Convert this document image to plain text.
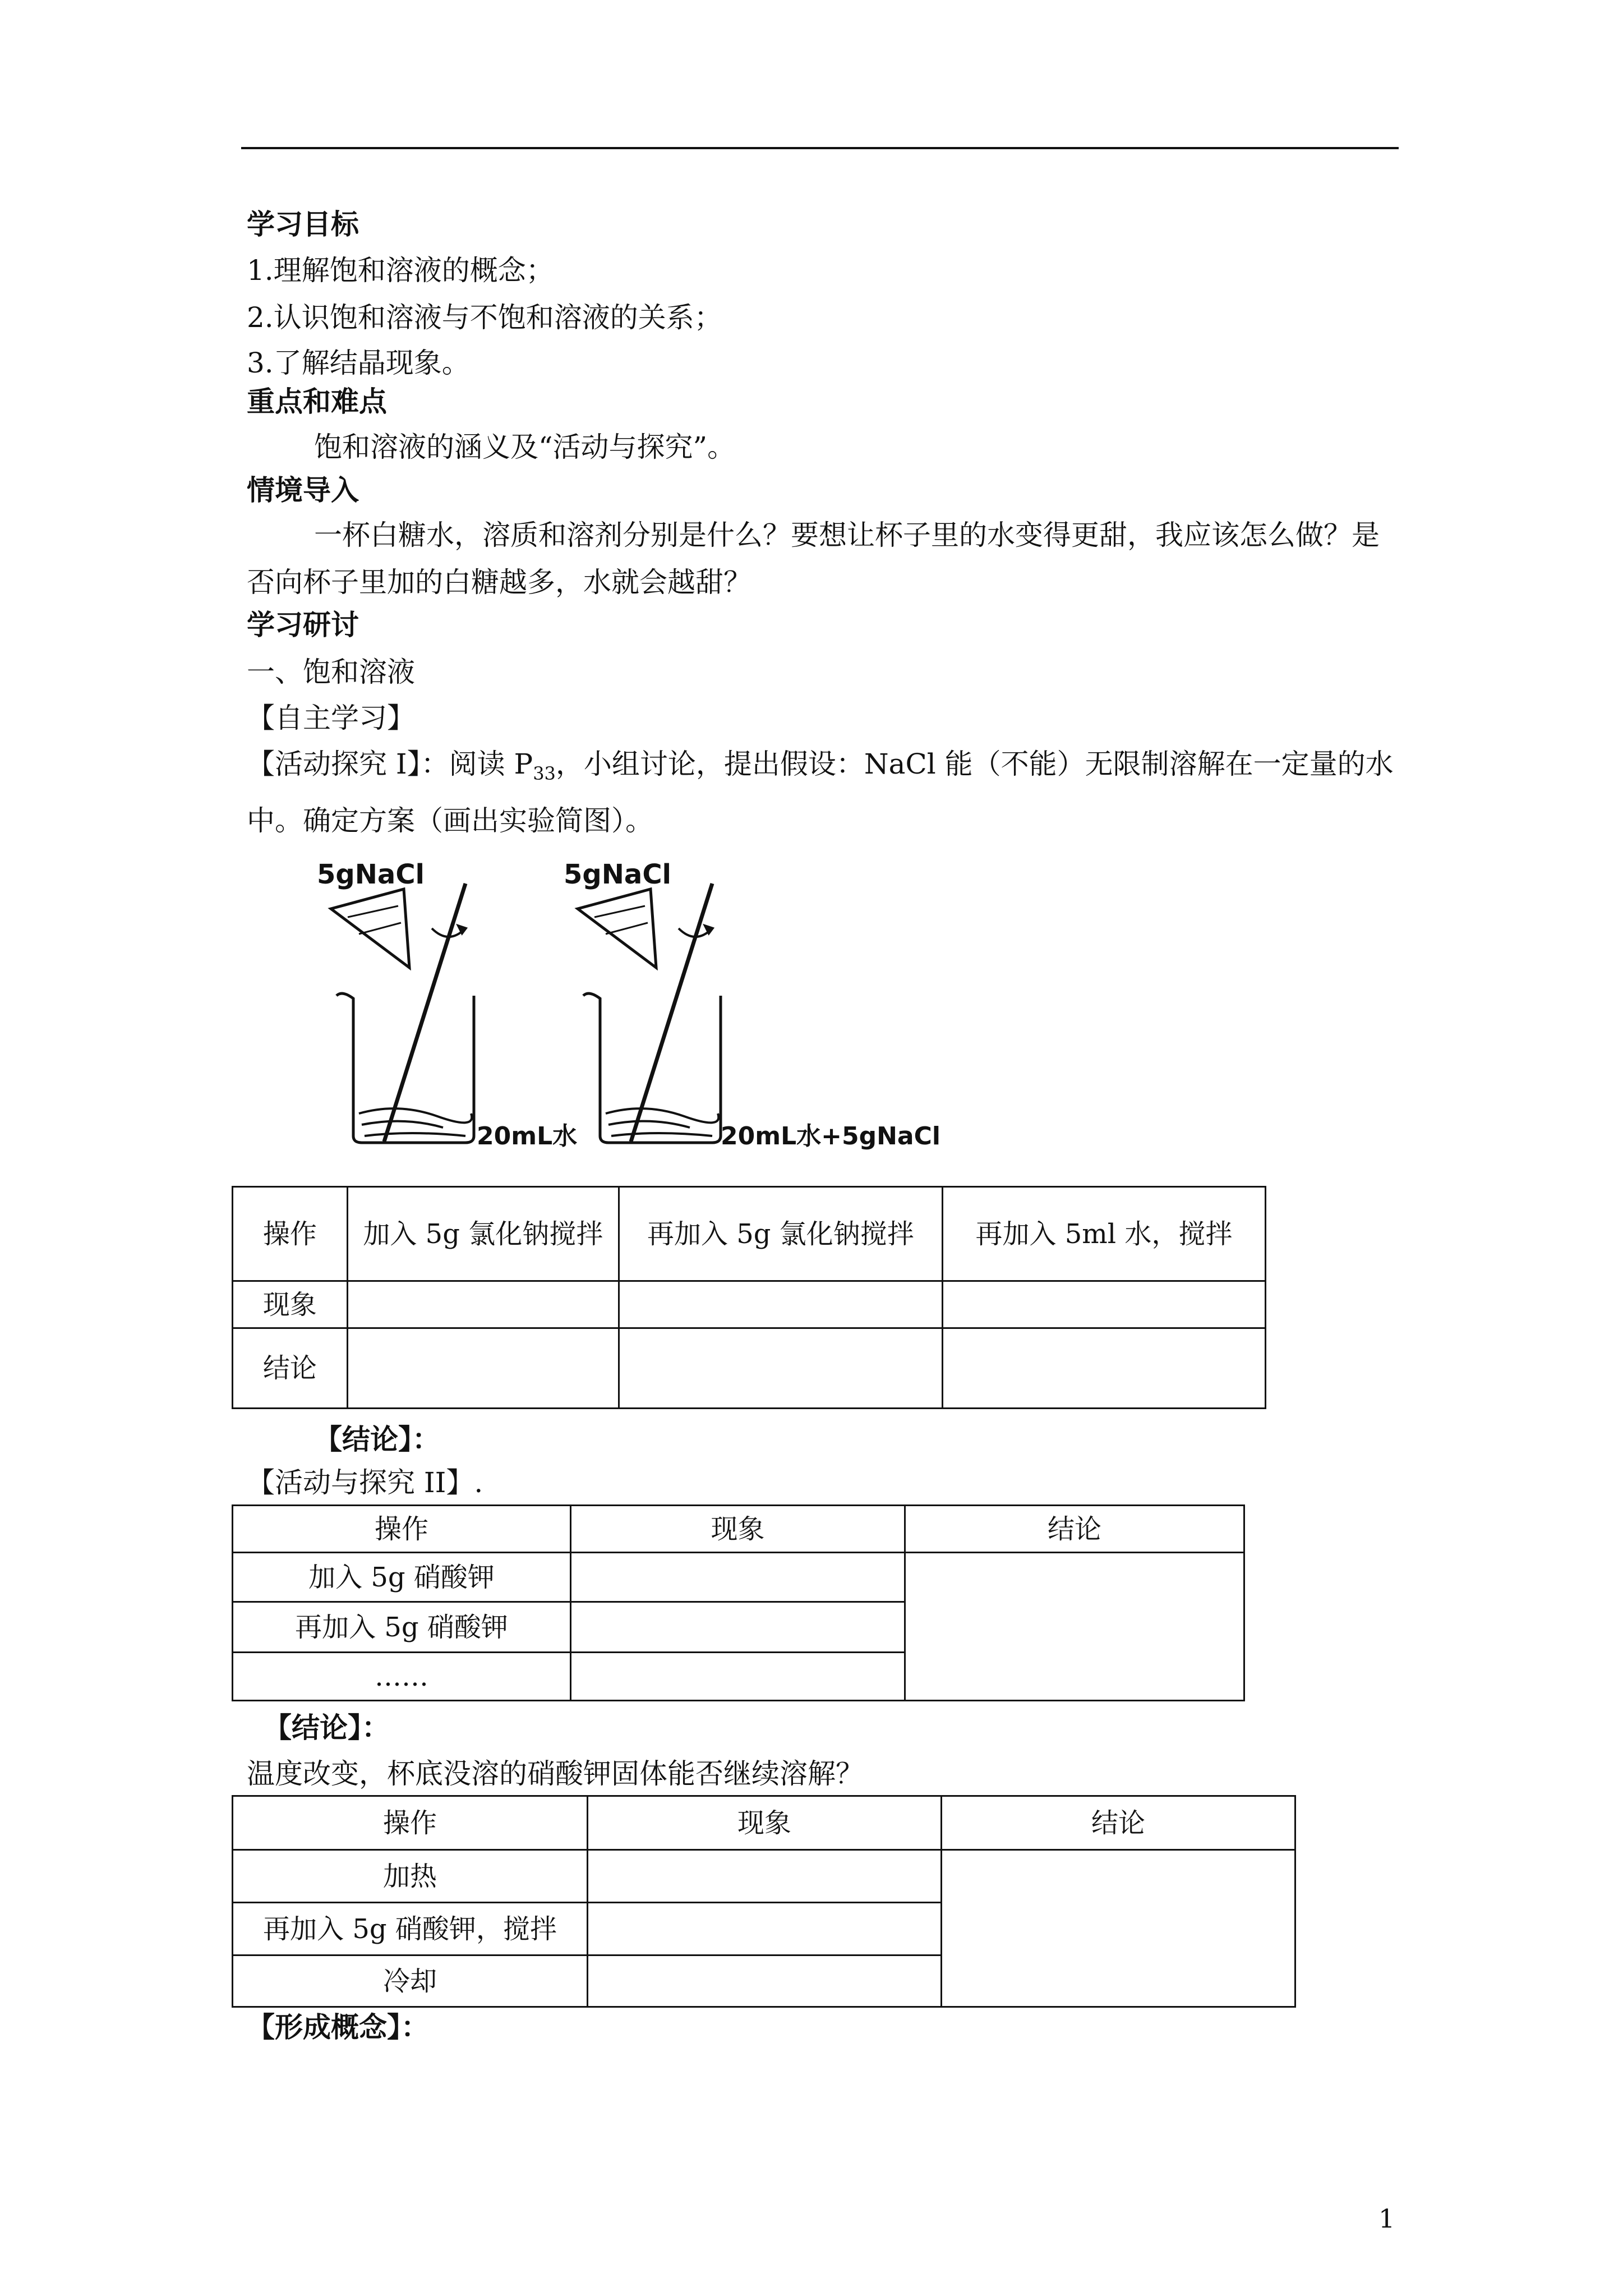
学习目标
1.理解饱和溶液的概念；
2.认识饱和溶液与不饱和溶液的关系；
3.了解结晶现象。
重点和难点
饱和溶液的涵义及“活动与探究”。
情境导入
一杯白糖水，溶质和溶剂分别是什么？要想让杯子里的水变得更甜，我应该怎么做？是否向杯子里加的白糖越多，水就会越甜？
学习研讨
一、饱和溶液
【自主学习】
【活动探究 I】：阅读 $P_{33}$，小组讨论，提出假设：NaCl 能（不能）无限制溶解在一定量的水中。确定方案（画出实验简图）。
5gNaCl
20mL水
5gNaCl
20mL水+5gNaCl
操作	加入 5g 氯化钠搅拌	再加入 5g 氯化钠搅拌	再加入 5ml 水，搅拌
现象			
结论			
【结论】：
【活动与探究 II】.
操作	现象	结论
加入 5g 硝酸钾		
再加入 5g 硝酸钾		
……		
【结论】：
温度改变，杯底没溶的硝酸钾固体能否继续溶解？
操作	现象	结论
加热		
再加入 5g 硝酸钾，搅拌		
冷却		
【形成概念】：
1
